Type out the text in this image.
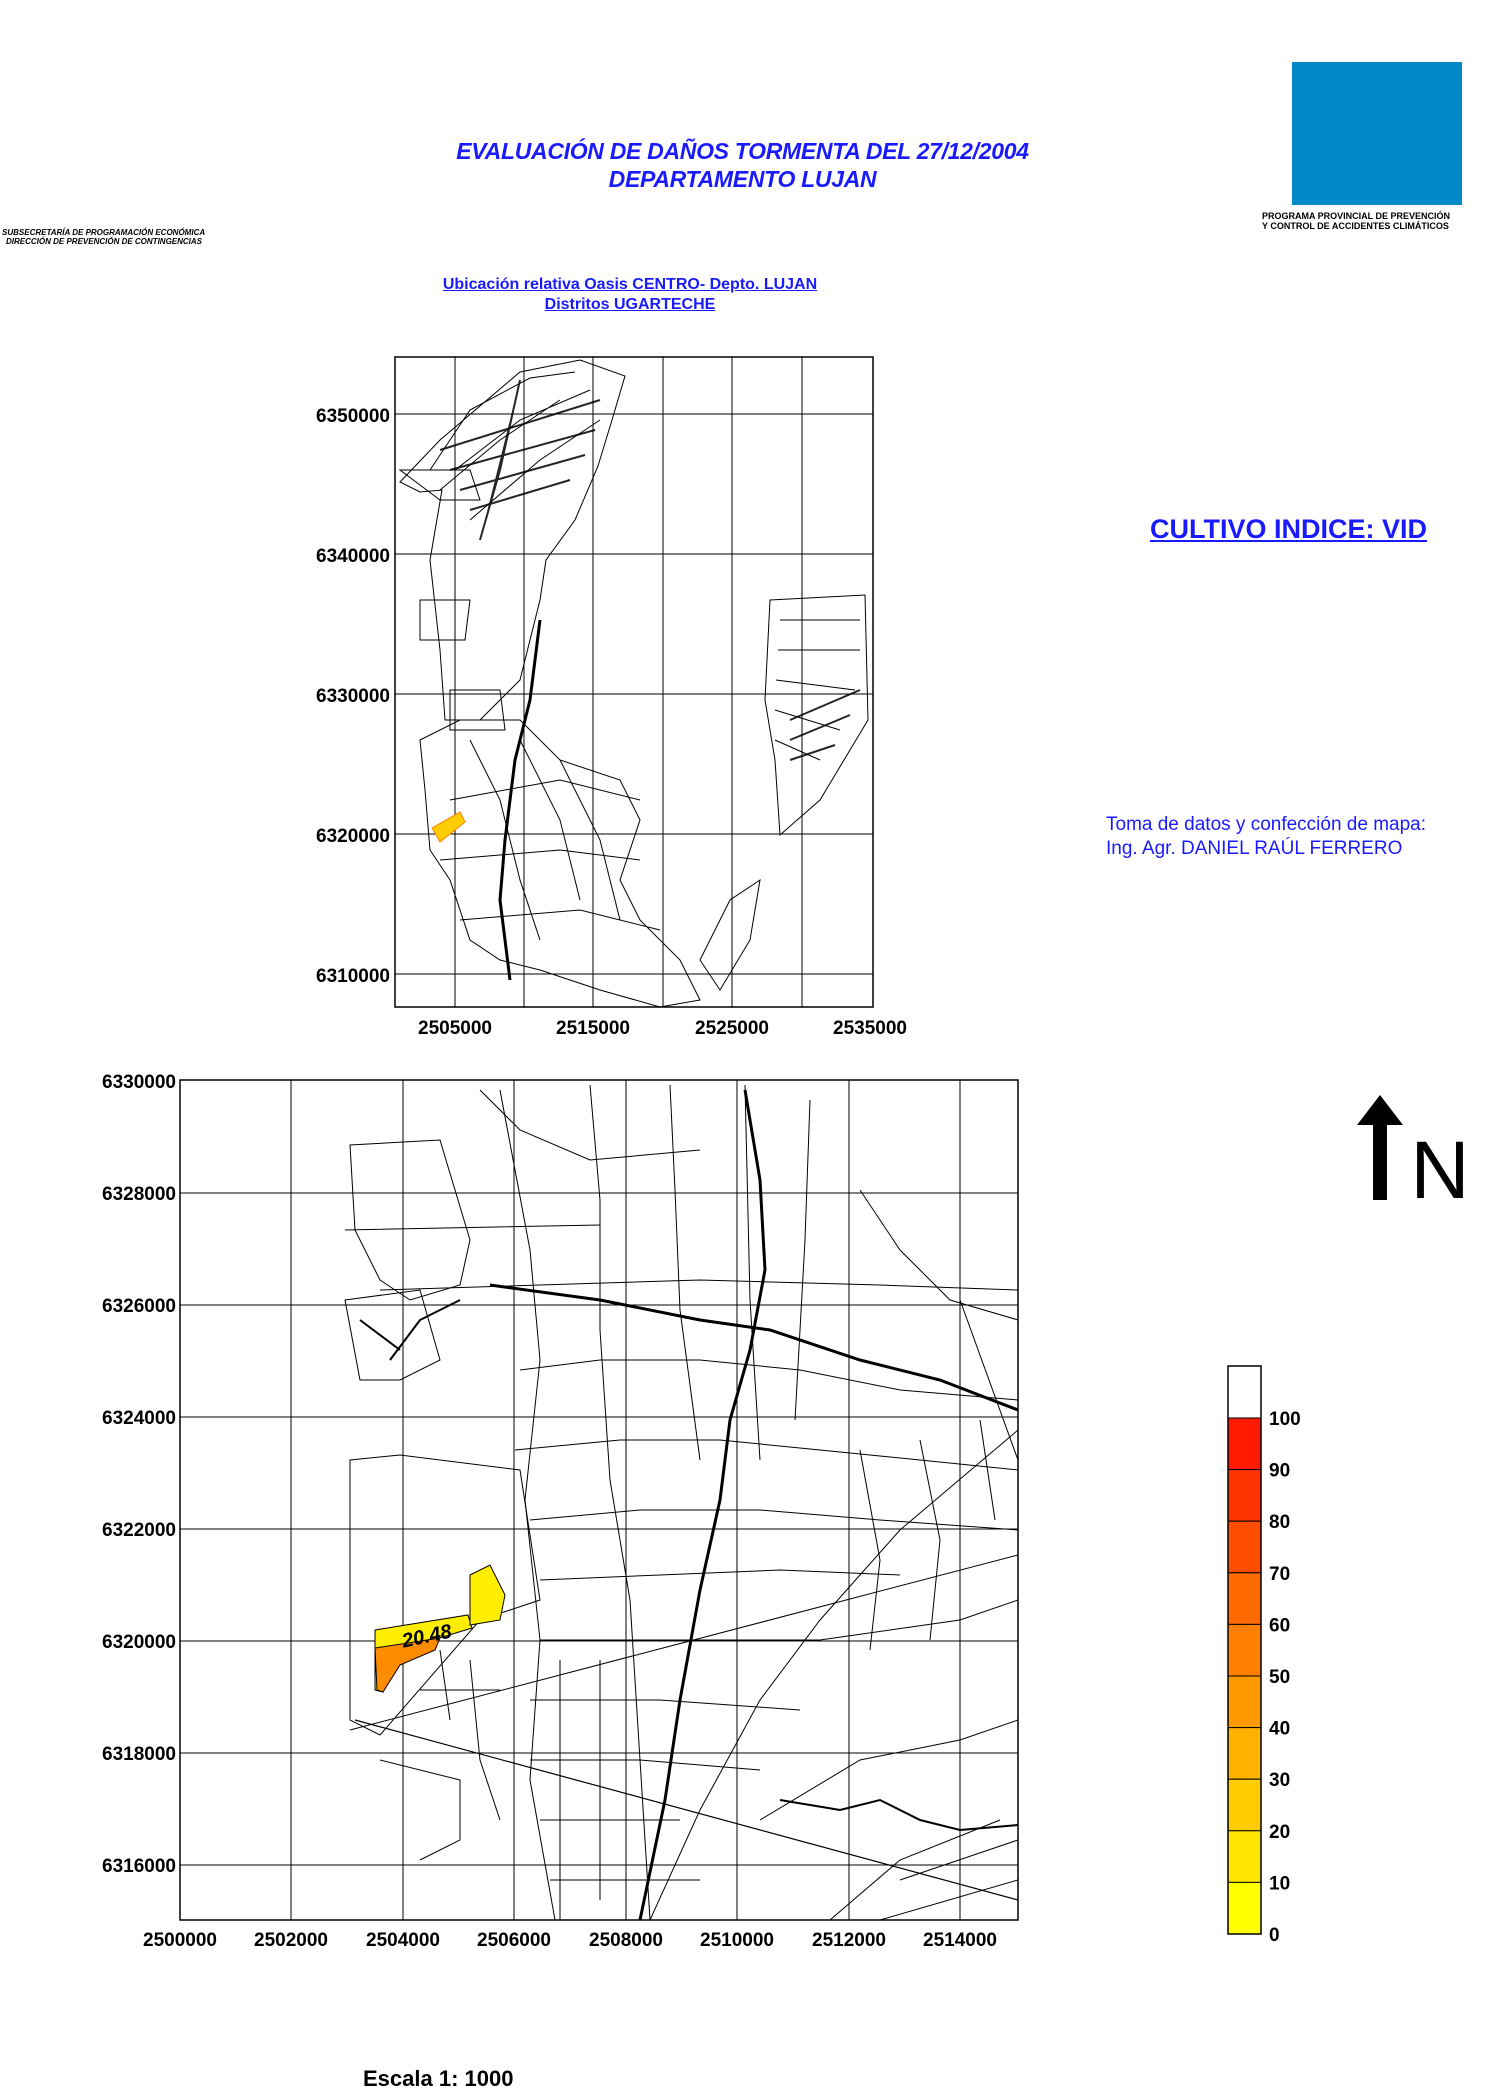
EVALUACIÓN DE DAÑOS TORMENTA DEL 27/12/2004
DEPARTAMENTO LUJAN
SUBSECRETARÍA DE PROGRAMACIÓN ECONÓMICA
DIRECCIÓN DE PREVENCIÓN DE CONTINGENCIAS
PROGRAMA PROVINCIAL DE PREVENCIÓN
Y CONTROL DE ACCIDENTES CLIMÁTICOS
Ubicación relativa Oasis CENTRO- Depto. LUJAN
Distritos UGARTECHE
CULTIVO INDICE: VID
Toma de datos y confección de mapa:
Ing. Agr. DANIEL RAÚL FERRERO
Escala 1: 1000
6350000
6340000
6330000
6320000
6310000
2505000	2515000	2525000	2535000
20.48
6330000
6328000
6326000
6324000
6322000
6320000
6318000
6316000
2500000 2502000 2504000 2506000 2508000 2510000 2512000 2514000
N
100
90
80
70
60
50
40
30
20
10
0
